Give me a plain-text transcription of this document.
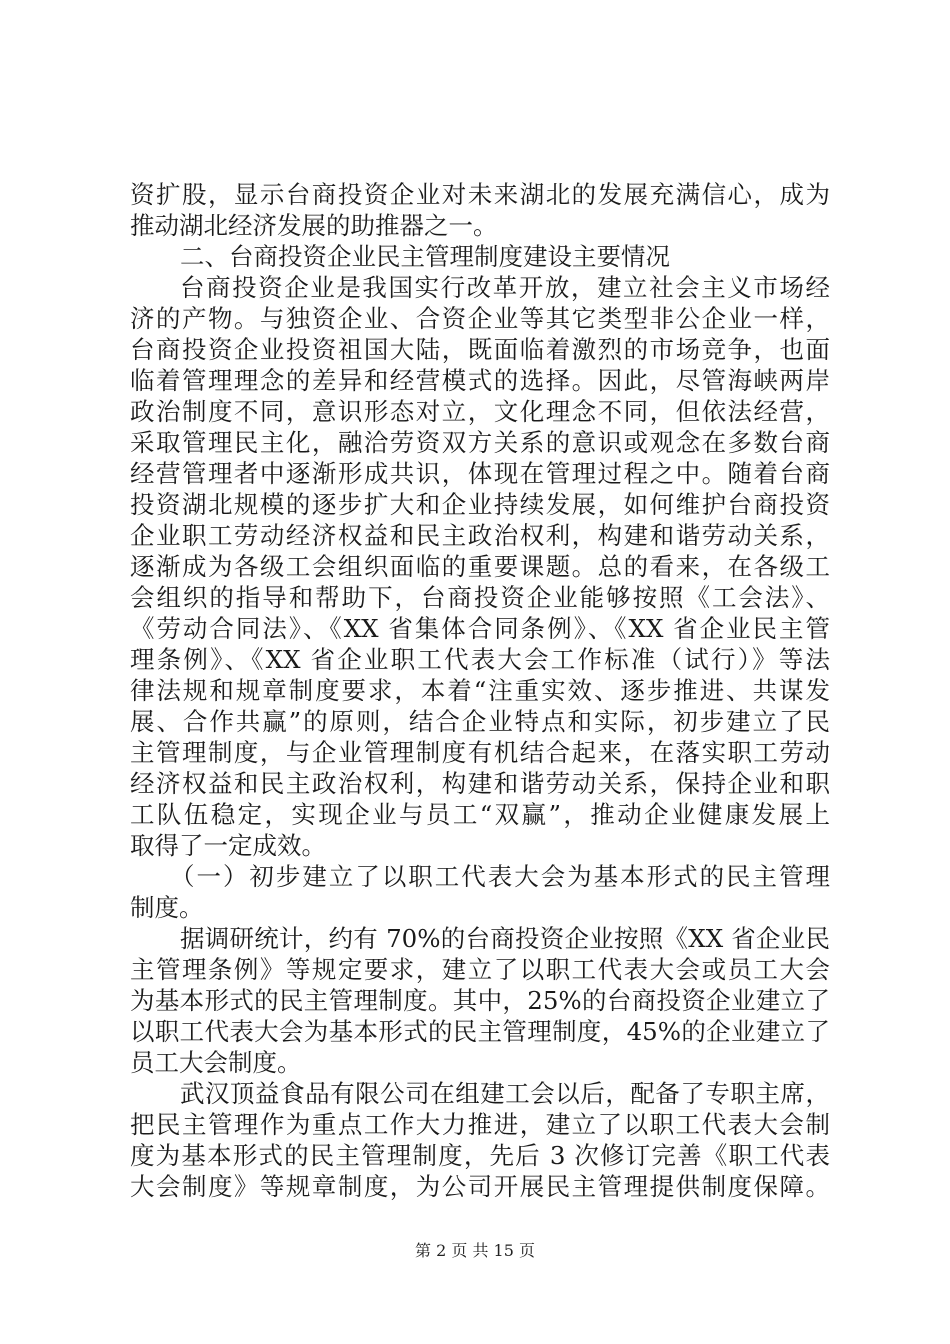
资扩股，显示台商投资企业对未来湖北的发展充满信心，成为
推动湖北经济发展的助推器之一。
二、台商投资企业民主管理制度建设主要情况
台商投资企业是我国实行改革开放，建立社会主义市场经
济的产物。与独资企业、合资企业等其它类型非公企业一样，
台商投资企业投资祖国大陆，既面临着激烈的市场竞争，也面
临着管理理念的差异和经营模式的选择。因此，尽管海峡两岸
政治制度不同，意识形态对立，文化理念不同，但依法经营，
采取管理民主化，融洽劳资双方关系的意识或观念在多数台商
经营管理者中逐渐形成共识，体现在管理过程之中。随着台商
投资湖北规模的逐步扩大和企业持续发展，如何维护台商投资
企业职工劳动经济权益和民主政治权利，构建和谐劳动关系，
逐渐成为各级工会组织面临的重要课题。总的看来，在各级工
会组织的指导和帮助下，台商投资企业能够按照《工会法》、
《劳动合同法》、《XX 省集体合同条例》、《XX 省企业民主管
理条例》、《XX 省企业职工代表大会工作标准（试行）》等法
律法规和规章制度要求，本着“注重实效、逐步推进、共谋发
展、合作共赢”的原则，结合企业特点和实际，初步建立了民
主管理制度，与企业管理制度有机结合起来，在落实职工劳动
经济权益和民主政治权利，构建和谐劳动关系，保持企业和职
工队伍稳定，实现企业与员工“双赢”，推动企业健康发展上
取得了一定成效。
（一）初步建立了以职工代表大会为基本形式的民主管理
制度。
据调研统计，约有 70%的台商投资企业按照《XX 省企业民
主管理条例》等规定要求，建立了以职工代表大会或员工大会
为基本形式的民主管理制度。其中，25%的台商投资企业建立了
以职工代表大会为基本形式的民主管理制度，45%的企业建立了
员工大会制度。
武汉顶益食品有限公司在组建工会以后，配备了专职主席，
把民主管理作为重点工作大力推进，建立了以职工代表大会制
度为基本形式的民主管理制度，先后 3 次修订完善《职工代表
大会制度》等规章制度，为公司开展民主管理提供制度保障。
第 2 页 共 15 页
